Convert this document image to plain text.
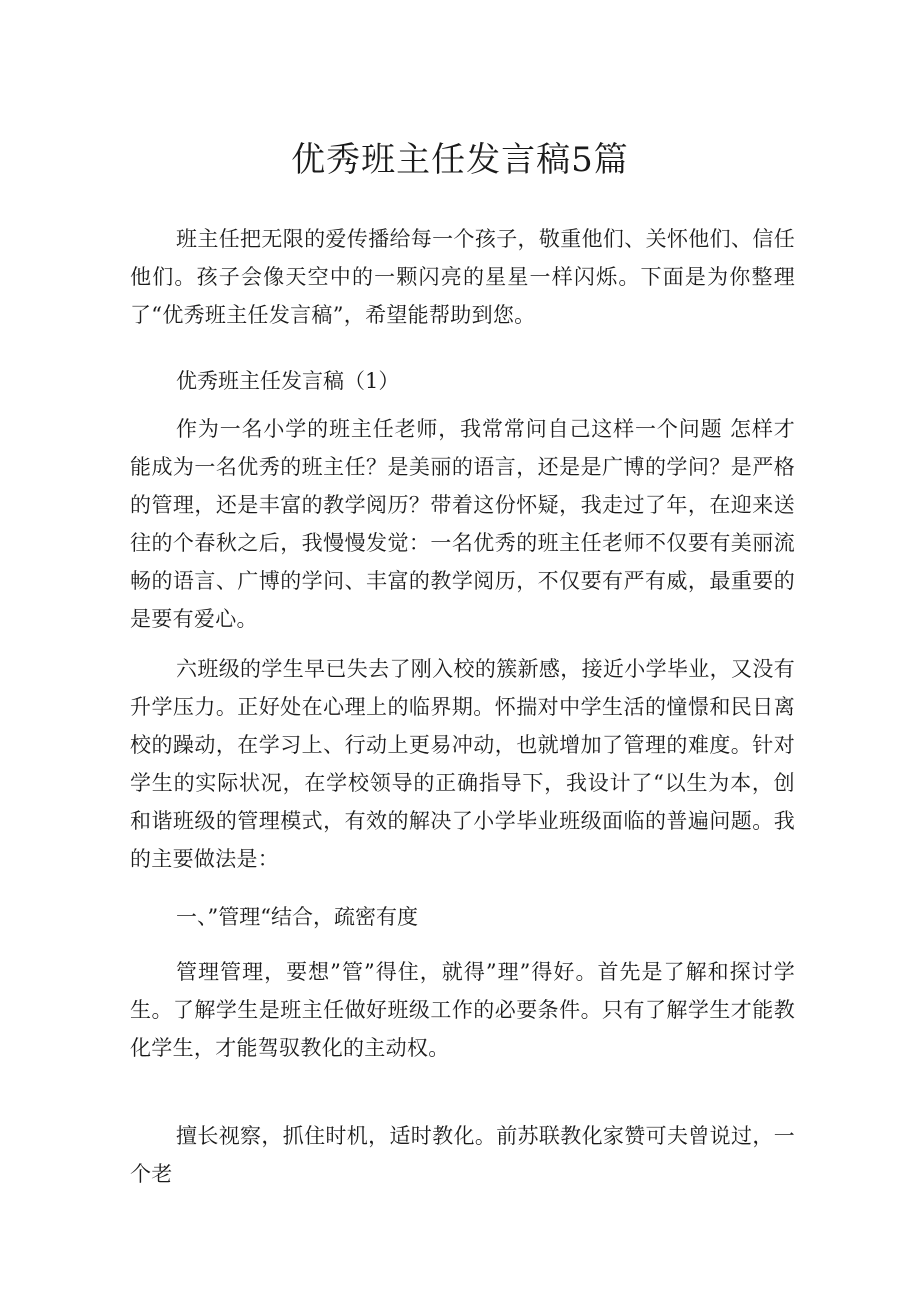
优秀班主任发言稿5篇

班主任把无限的爱传播给每一个孩子，敬重他们、关怀他们、信任他们。孩子会像天空中的一颗闪亮的星星一样闪烁。下面是为你整理了“优秀班主任发言稿”，希望能帮助到您。

优秀班主任发言稿（1）

作为一名小学的班主任老师，我常常问自己这样一个问题 怎样才能成为一名优秀的班主任？是美丽的语言，还是是广博的学问？是严格的管理，还是丰富的教学阅历？带着这份怀疑，我走过了年，在迎来送往的个春秋之后，我慢慢发觉：一名优秀的班主任老师不仅要有美丽流畅的语言、广博的学问、丰富的教学阅历，不仅要有严有威，最重要的是要有爱心。

六班级的学生早已失去了刚入校的簇新感，接近小学毕业，又没有升学压力。正好处在心理上的临界期。怀揣对中学生活的憧憬和民日离校的躁动，在学习上、行动上更易冲动，也就增加了管理的难度。针对学生的实际状况，在学校领导的正确指导下，我设计了“以生为本，创和谐班级的管理模式，有效的解决了小学毕业班级面临的普遍问题。我的主要做法是：

一、”管理“结合，疏密有度

管理管理，要想”管”得住，就得”理”得好。首先是了解和探讨学生。了解学生是班主任做好班级工作的必要条件。只有了解学生才能教化学生，才能驾驭教化的主动权。

擅长视察，抓住时机，适时教化。前苏联教化家赞可夫曾说过，一个老
